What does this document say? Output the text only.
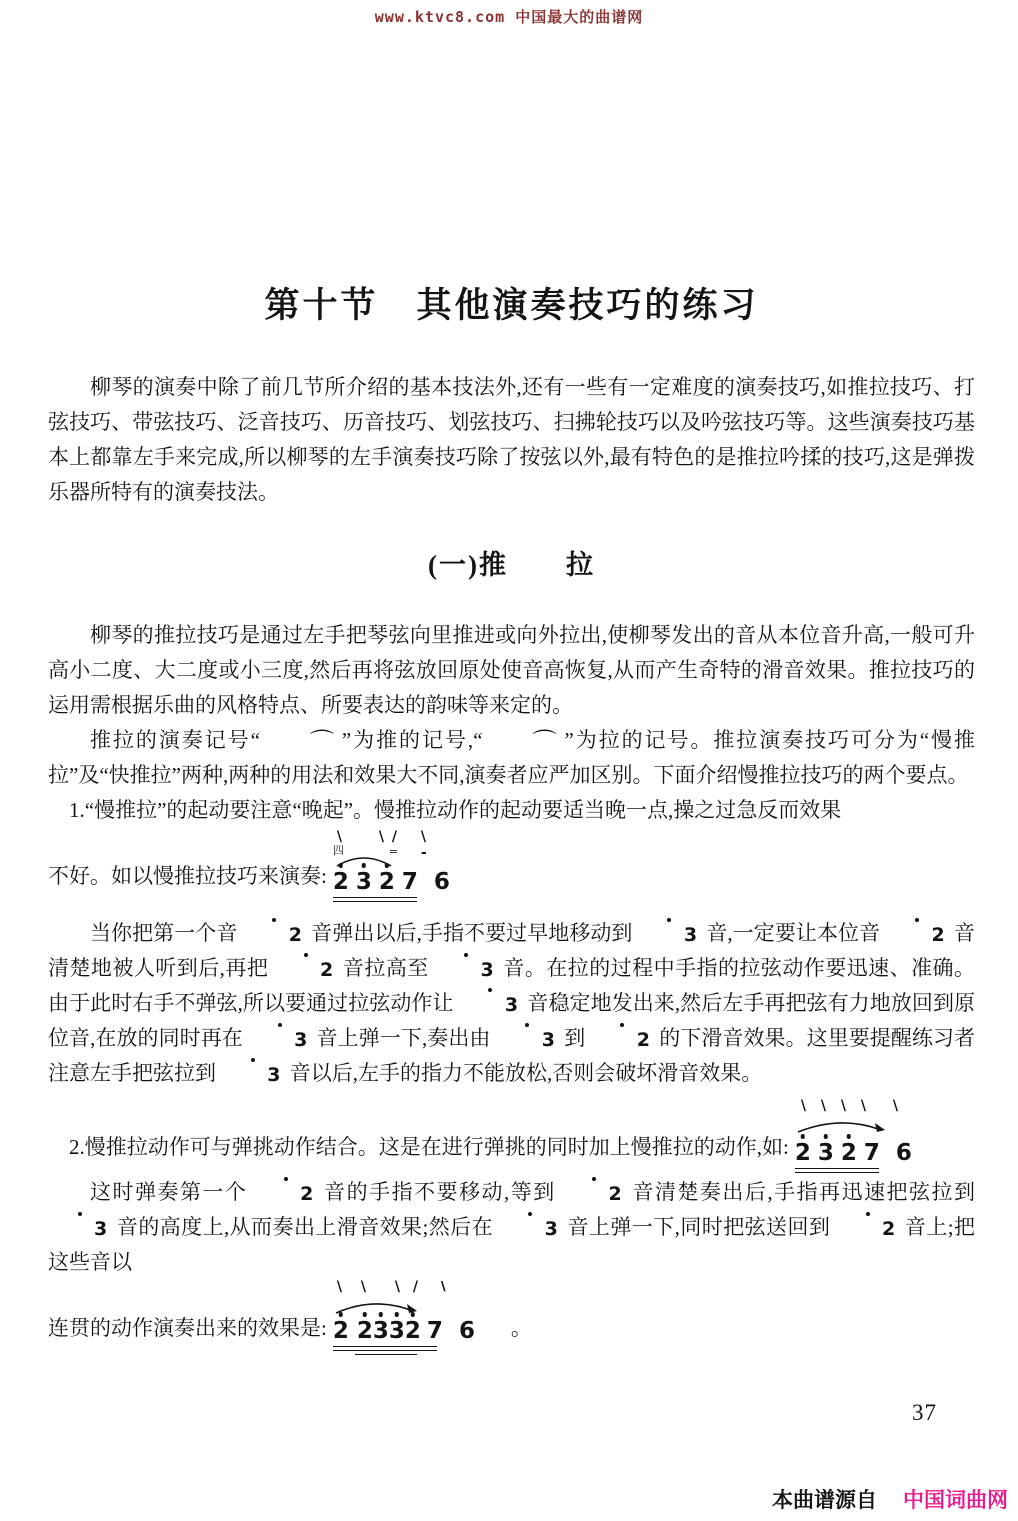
www.ktvc8.com 中国最大的曲谱网
第十节　其他演奏技巧的练习

柳琴的演奏中除了前几节所介绍的基本技法外,还有一些有一定难度的演奏技巧,如推拉技巧、打弦技巧、带弦技巧、泛音技巧、历音技巧、划弦技巧、扫拂轮技巧以及吟弦技巧等。这些演奏技巧基本上都靠左手来完成,所以柳琴的左手演奏技巧除了按弦以外,最有特色的是推拉吟揉的技巧,这是弹拨乐器所特有的演奏技法。

(一)推　　拉

柳琴的推拉技巧是通过左手把琴弦向里推进或向外拉出,使柳琴发出的音从本位音升高,一般可升高小二度、大二度或小三度,然后再将弦放回原处使音高恢复,从而产生奇特的滑音效果。推拉技巧的运用需根据乐曲的风格特点、所要表达的韵味等来定的。

推拉的演奏记号“ ⌒ ”为推的记号,“ ⌒ ”为拉的记号。推拉演奏技巧可分为“慢推拉”及“快推拉”两种,两种的用法和效果大不同,演奏者应严加区别。下面介绍慢推拉技巧的两个要点。

1.“慢推拉”的起动要注意“晚起”。慢推拉动作的起动要适当晚一点,操之过急反而效果

不好。如以慢推拉技巧来演奏:
\
四
\ /
=
\
-
2 3 2 7 6

当你把第一个音 2 音弹出以后,手指不要过早地移动到 3 音,一定要让本位音 2 音清楚地被人听到后,再把 2 音拉高至 3 音。在拉的过程中手指的拉弦动作要迅速、准确。由于此时右手不弹弦,所以要通过拉弦动作让 3 音稳定地发出来,然后左手再把弦有力地放回到原位音,在放的同时再在 3 音上弹一下,奏出由 3 到 2 的下滑音效果。这里要提醒练习者注意左手把弦拉到 3 音以后,左手的指力不能放松,否则会破坏滑音效果。

2.慢推拉动作可与弹挑动作结合。这是在进行弹挑的同时加上慢推拉的动作,如:
\ \ \ \ \
2 3 2 7 6

这时弹奏第一个 2 音的手指不要移动,等到 2 音清楚奏出后,手指再迅速把弦拉到 3 音的高度上,从而奏出上滑音效果;然后在 3 音上弹一下,同时把弦送回到 2 音上;把这些音以

连贯的动作演奏出来的效果是:
\ \ \ / \\
2 2332 7 6 。
37
本曲谱源自 中国词曲网
